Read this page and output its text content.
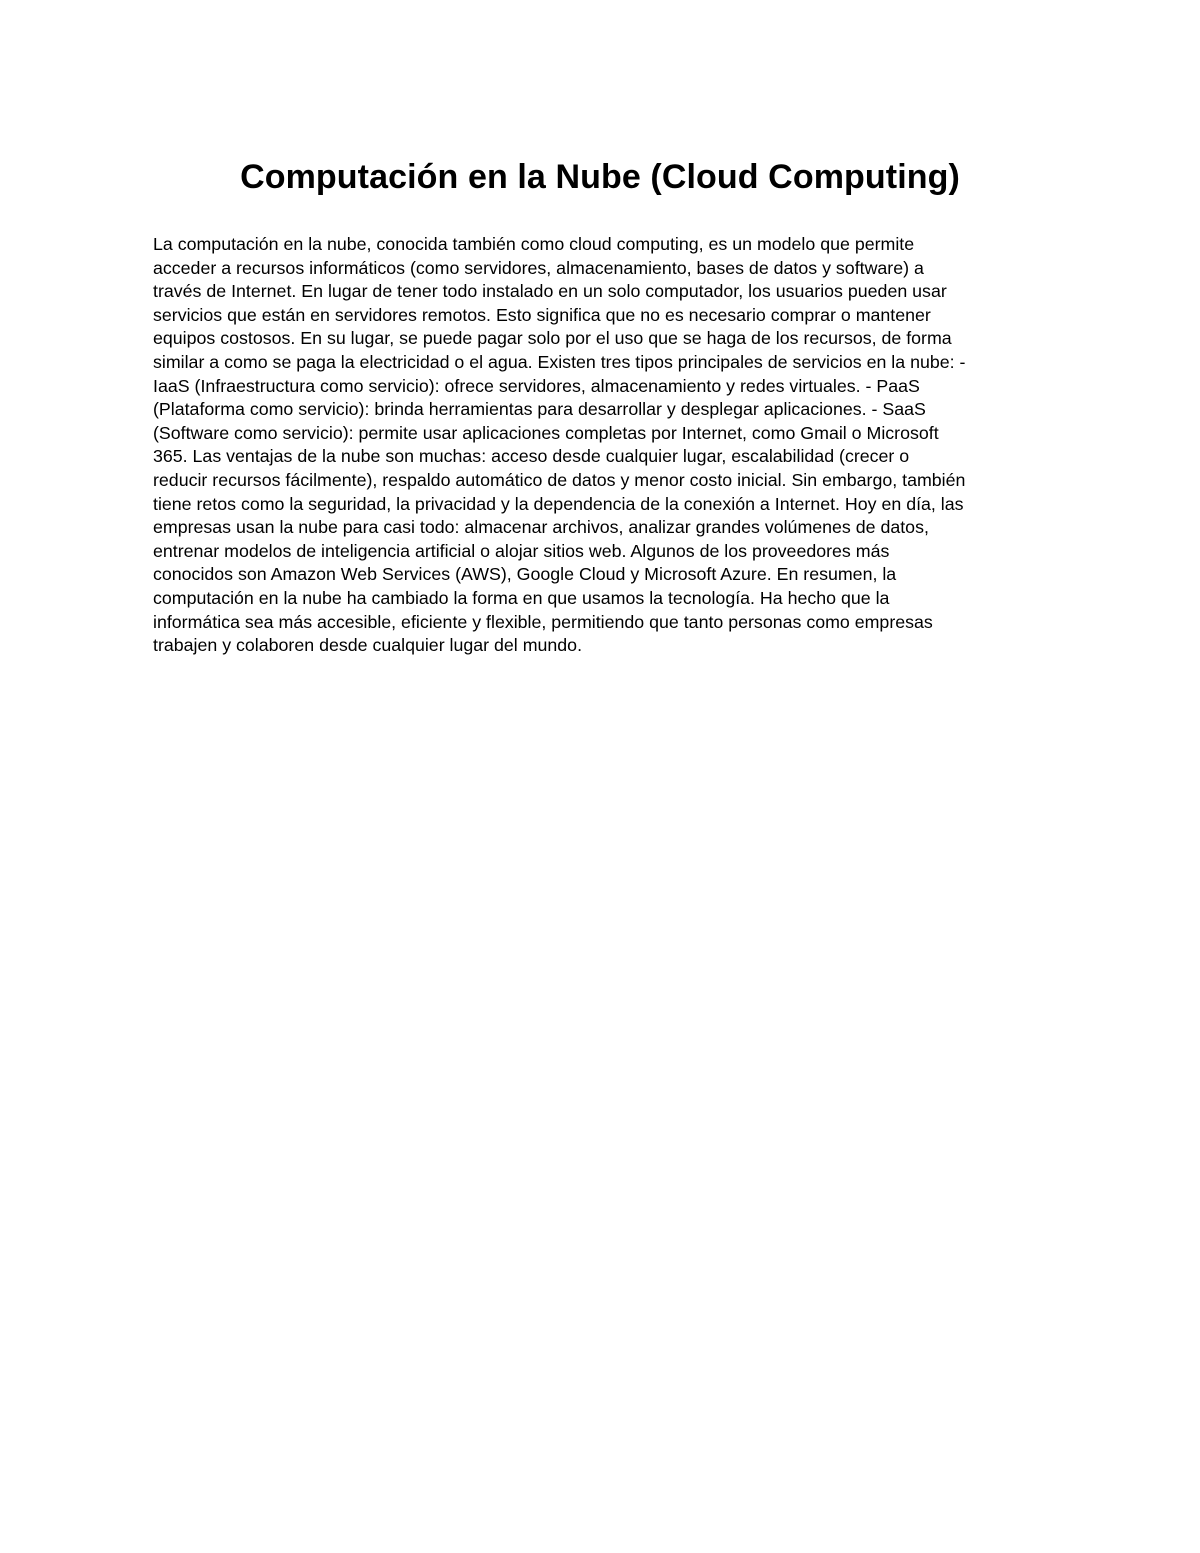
Computación en la Nube (Cloud Computing)
La computación en la nube, conocida también como cloud computing, es un modelo que permite
acceder a recursos informáticos (como servidores, almacenamiento, bases de datos y software) a
través de Internet. En lugar de tener todo instalado en un solo computador, los usuarios pueden usar
servicios que están en servidores remotos. Esto significa que no es necesario comprar o mantener
equipos costosos. En su lugar, se puede pagar solo por el uso que se haga de los recursos, de forma
similar a como se paga la electricidad o el agua. Existen tres tipos principales de servicios en la nube: -
IaaS (Infraestructura como servicio): ofrece servidores, almacenamiento y redes virtuales. - PaaS
(Plataforma como servicio): brinda herramientas para desarrollar y desplegar aplicaciones. - SaaS
(Software como servicio): permite usar aplicaciones completas por Internet, como Gmail o Microsoft
365. Las ventajas de la nube son muchas: acceso desde cualquier lugar, escalabilidad (crecer o
reducir recursos fácilmente), respaldo automático de datos y menor costo inicial. Sin embargo, también
tiene retos como la seguridad, la privacidad y la dependencia de la conexión a Internet. Hoy en día, las
empresas usan la nube para casi todo: almacenar archivos, analizar grandes volúmenes de datos,
entrenar modelos de inteligencia artificial o alojar sitios web. Algunos de los proveedores más
conocidos son Amazon Web Services (AWS), Google Cloud y Microsoft Azure. En resumen, la
computación en la nube ha cambiado la forma en que usamos la tecnología. Ha hecho que la
informática sea más accesible, eficiente y flexible, permitiendo que tanto personas como empresas
trabajen y colaboren desde cualquier lugar del mundo.
